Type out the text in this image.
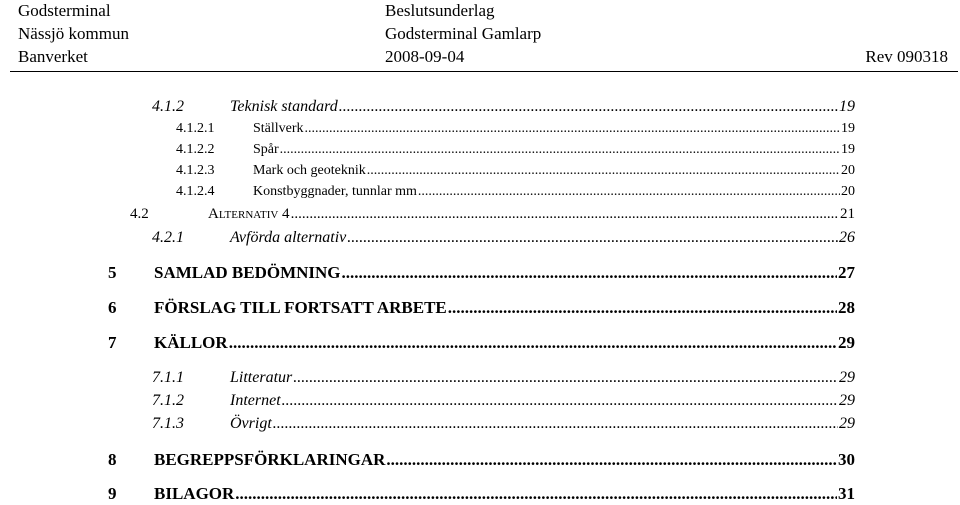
Godsterminal	Beslutsunderlag
Nässjö kommun	Godsterminal Gamlarp
Banverket	2008-09-04	Rev 090318
4.1.2	Teknisk standard .....	19
4.1.2.1	Ställverk .....	19
4.1.2.2	Spår .....	19
4.1.2.3	Mark och geoteknik .....	20
4.1.2.4	Konstbyggnader, tunnlar mm .....	20
4.2	Alternativ 4 .....	21
4.2.1	Avförda alternativ .....	26
5	SAMLAD BEDÖMNING .....	27
6	FÖRSLAG TILL FORTSATT ARBETE .....	28
7	KÄLLOR .....	29
7.1.1	Litteratur .....	29
7.1.2	Internet .....	29
7.1.3	Övrigt .....	29
8	BEGREPPSFÖRKLARINGAR .....	30
9	BILAGOR .....	31
